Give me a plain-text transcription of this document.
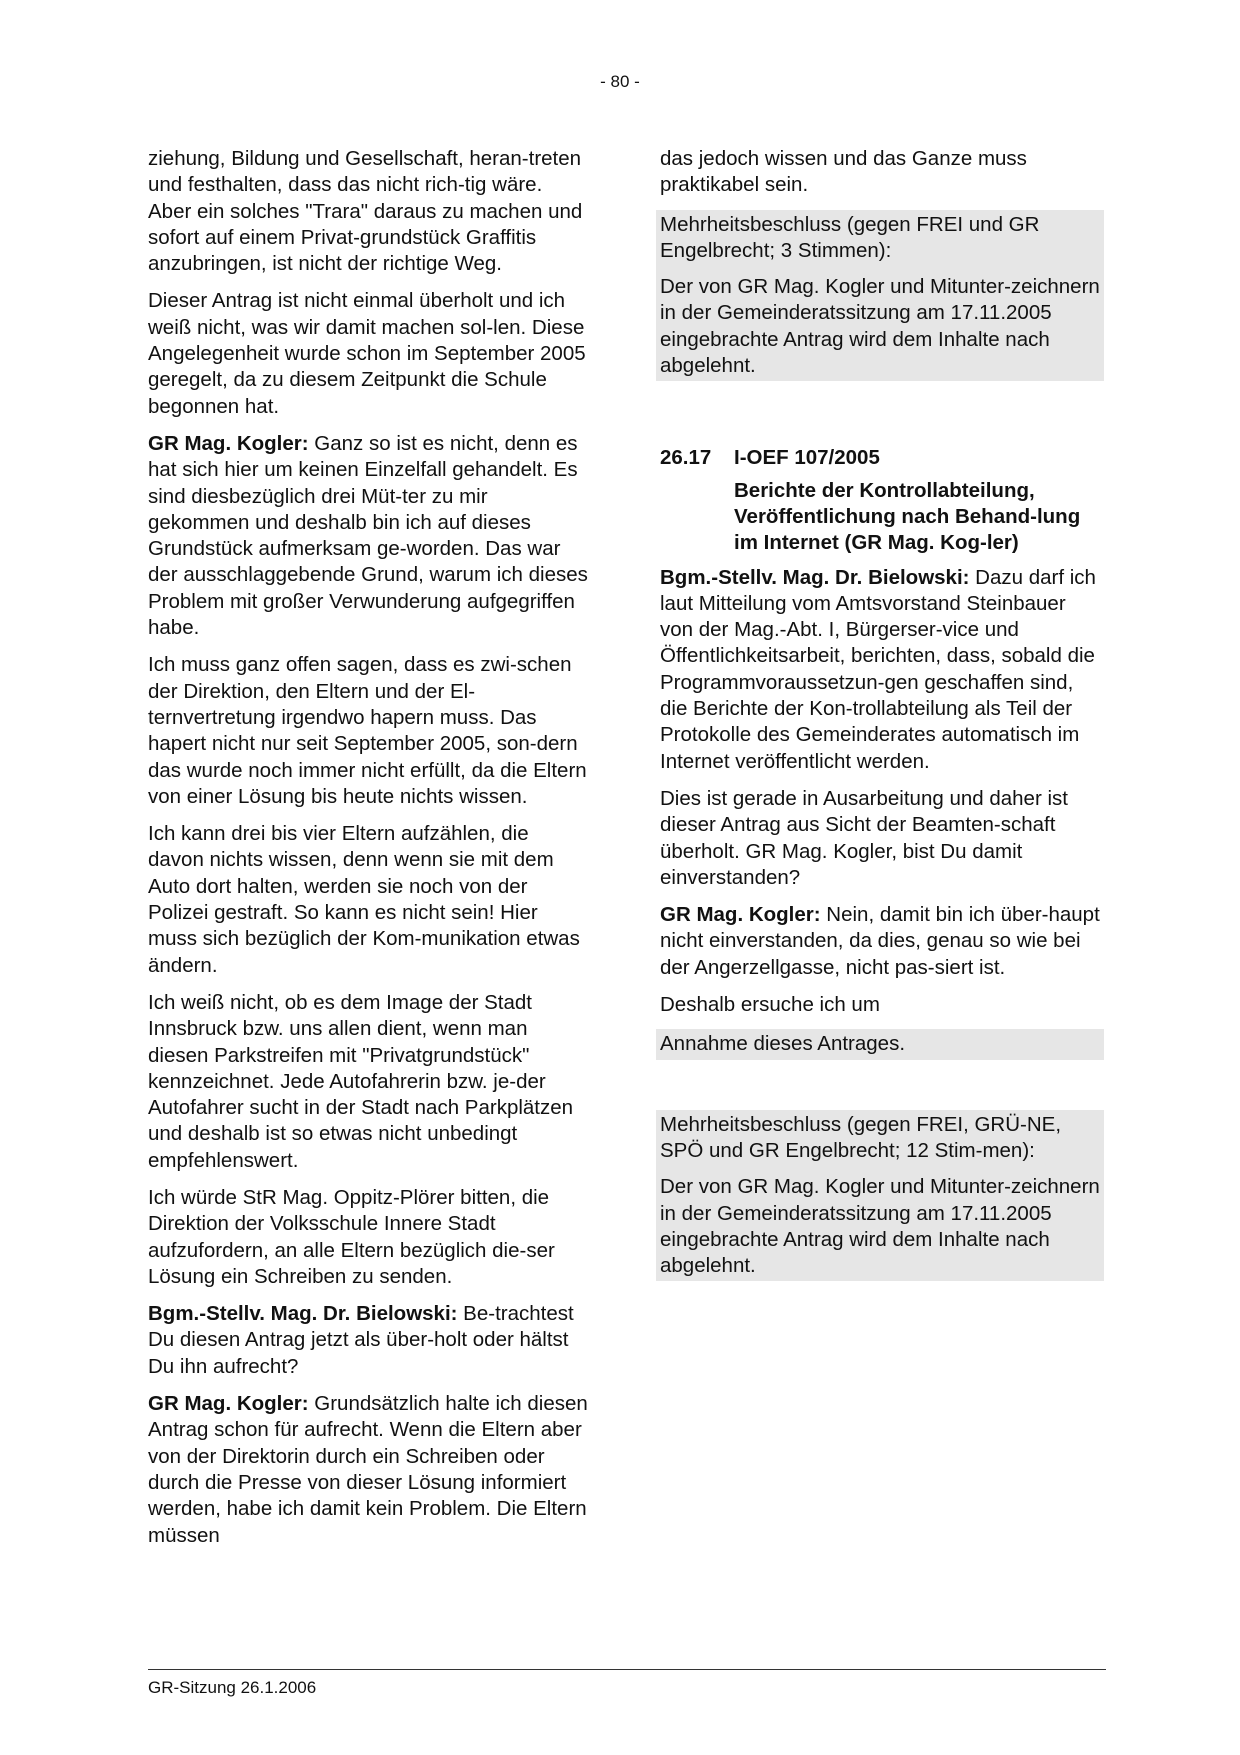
- 80 -

ziehung, Bildung und Gesellschaft, heran-treten und festhalten, dass das nicht rich-tig wäre. Aber ein solches "Trara" daraus zu machen und sofort auf einem Privat-grundstück Graffitis anzubringen, ist nicht der richtige Weg.

Dieser Antrag ist nicht einmal überholt und ich weiß nicht, was wir damit machen sol-len. Diese Angelegenheit wurde schon im September 2005 geregelt, da zu diesem Zeitpunkt die Schule begonnen hat.

GR Mag. Kogler: Ganz so ist es nicht, denn es hat sich hier um keinen Einzelfall gehandelt. Es sind diesbezüglich drei Müt-ter zu mir gekommen und deshalb bin ich auf dieses Grundstück aufmerksam ge-worden. Das war der ausschlaggebende Grund, warum ich dieses Problem mit großer Verwunderung aufgegriffen habe.

Ich muss ganz offen sagen, dass es zwi-schen der Direktion, den Eltern und der El-ternvertretung irgendwo hapern muss. Das hapert nicht nur seit September 2005, son-dern das wurde noch immer nicht erfüllt, da die Eltern von einer Lösung bis heute nichts wissen.

Ich kann drei bis vier Eltern aufzählen, die davon nichts wissen, denn wenn sie mit dem Auto dort halten, werden sie noch von der Polizei gestraft. So kann es nicht sein! Hier muss sich bezüglich der Kom-munikation etwas ändern.

Ich weiß nicht, ob es dem Image der Stadt Innsbruck bzw. uns allen dient, wenn man diesen Parkstreifen mit "Privatgrundstück" kennzeichnet. Jede Autofahrerin bzw. je-der Autofahrer sucht in der Stadt nach Parkplätzen und deshalb ist so etwas nicht unbedingt empfehlenswert.

Ich würde StR Mag. Oppitz-Plörer bitten, die Direktion der Volksschule Innere Stadt aufzufordern, an alle Eltern bezüglich die-ser Lösung ein Schreiben zu senden.

Bgm.-Stellv. Mag. Dr. Bielowski: Be-trachtest Du diesen Antrag jetzt als über-holt oder hältst Du ihn aufrecht?

GR Mag. Kogler: Grundsätzlich halte ich diesen Antrag schon für aufrecht. Wenn die Eltern aber von der Direktorin durch ein Schreiben oder durch die Presse von dieser Lösung informiert werden, habe ich damit kein Problem. Die Eltern müssen

das jedoch wissen und das Ganze muss praktikabel sein.

Mehrheitsbeschluss (gegen FREI und GR Engelbrecht; 3 Stimmen):

Der von GR Mag. Kogler und Mitunter-zeichnern in der Gemeinderatssitzung am 17.11.2005 eingebrachte Antrag wird dem Inhalte nach abgelehnt.

26.17	I-OEF 107/2005
Berichte der Kontrollabteilung, Veröffentlichung nach Behand-lung im Internet (GR Mag. Kog-ler)

Bgm.-Stellv. Mag. Dr. Bielowski: Dazu darf ich laut Mitteilung vom Amtsvorstand Steinbauer von der Mag.-Abt. I, Bürgerser-vice und Öffentlichkeitsarbeit, berichten, dass, sobald die Programmvoraussetzun-gen geschaffen sind, die Berichte der Kon-trollabteilung als Teil der Protokolle des Gemeinderates automatisch im Internet veröffentlicht werden.

Dies ist gerade in Ausarbeitung und daher ist dieser Antrag aus Sicht der Beamten-schaft überholt. GR Mag. Kogler, bist Du damit einverstanden?

GR Mag. Kogler: Nein, damit bin ich über-haupt nicht einverstanden, da dies, genau so wie bei der Angerzellgasse, nicht pas-siert ist.

Deshalb ersuche ich um

Annahme dieses Antrages.

Mehrheitsbeschluss (gegen FREI, GRÜ-NE, SPÖ und GR Engelbrecht; 12 Stim-men):

Der von GR Mag. Kogler und Mitunter-zeichnern in der Gemeinderatssitzung am 17.11.2005 eingebrachte Antrag wird dem Inhalte nach abgelehnt.

GR-Sitzung 26.1.2006
